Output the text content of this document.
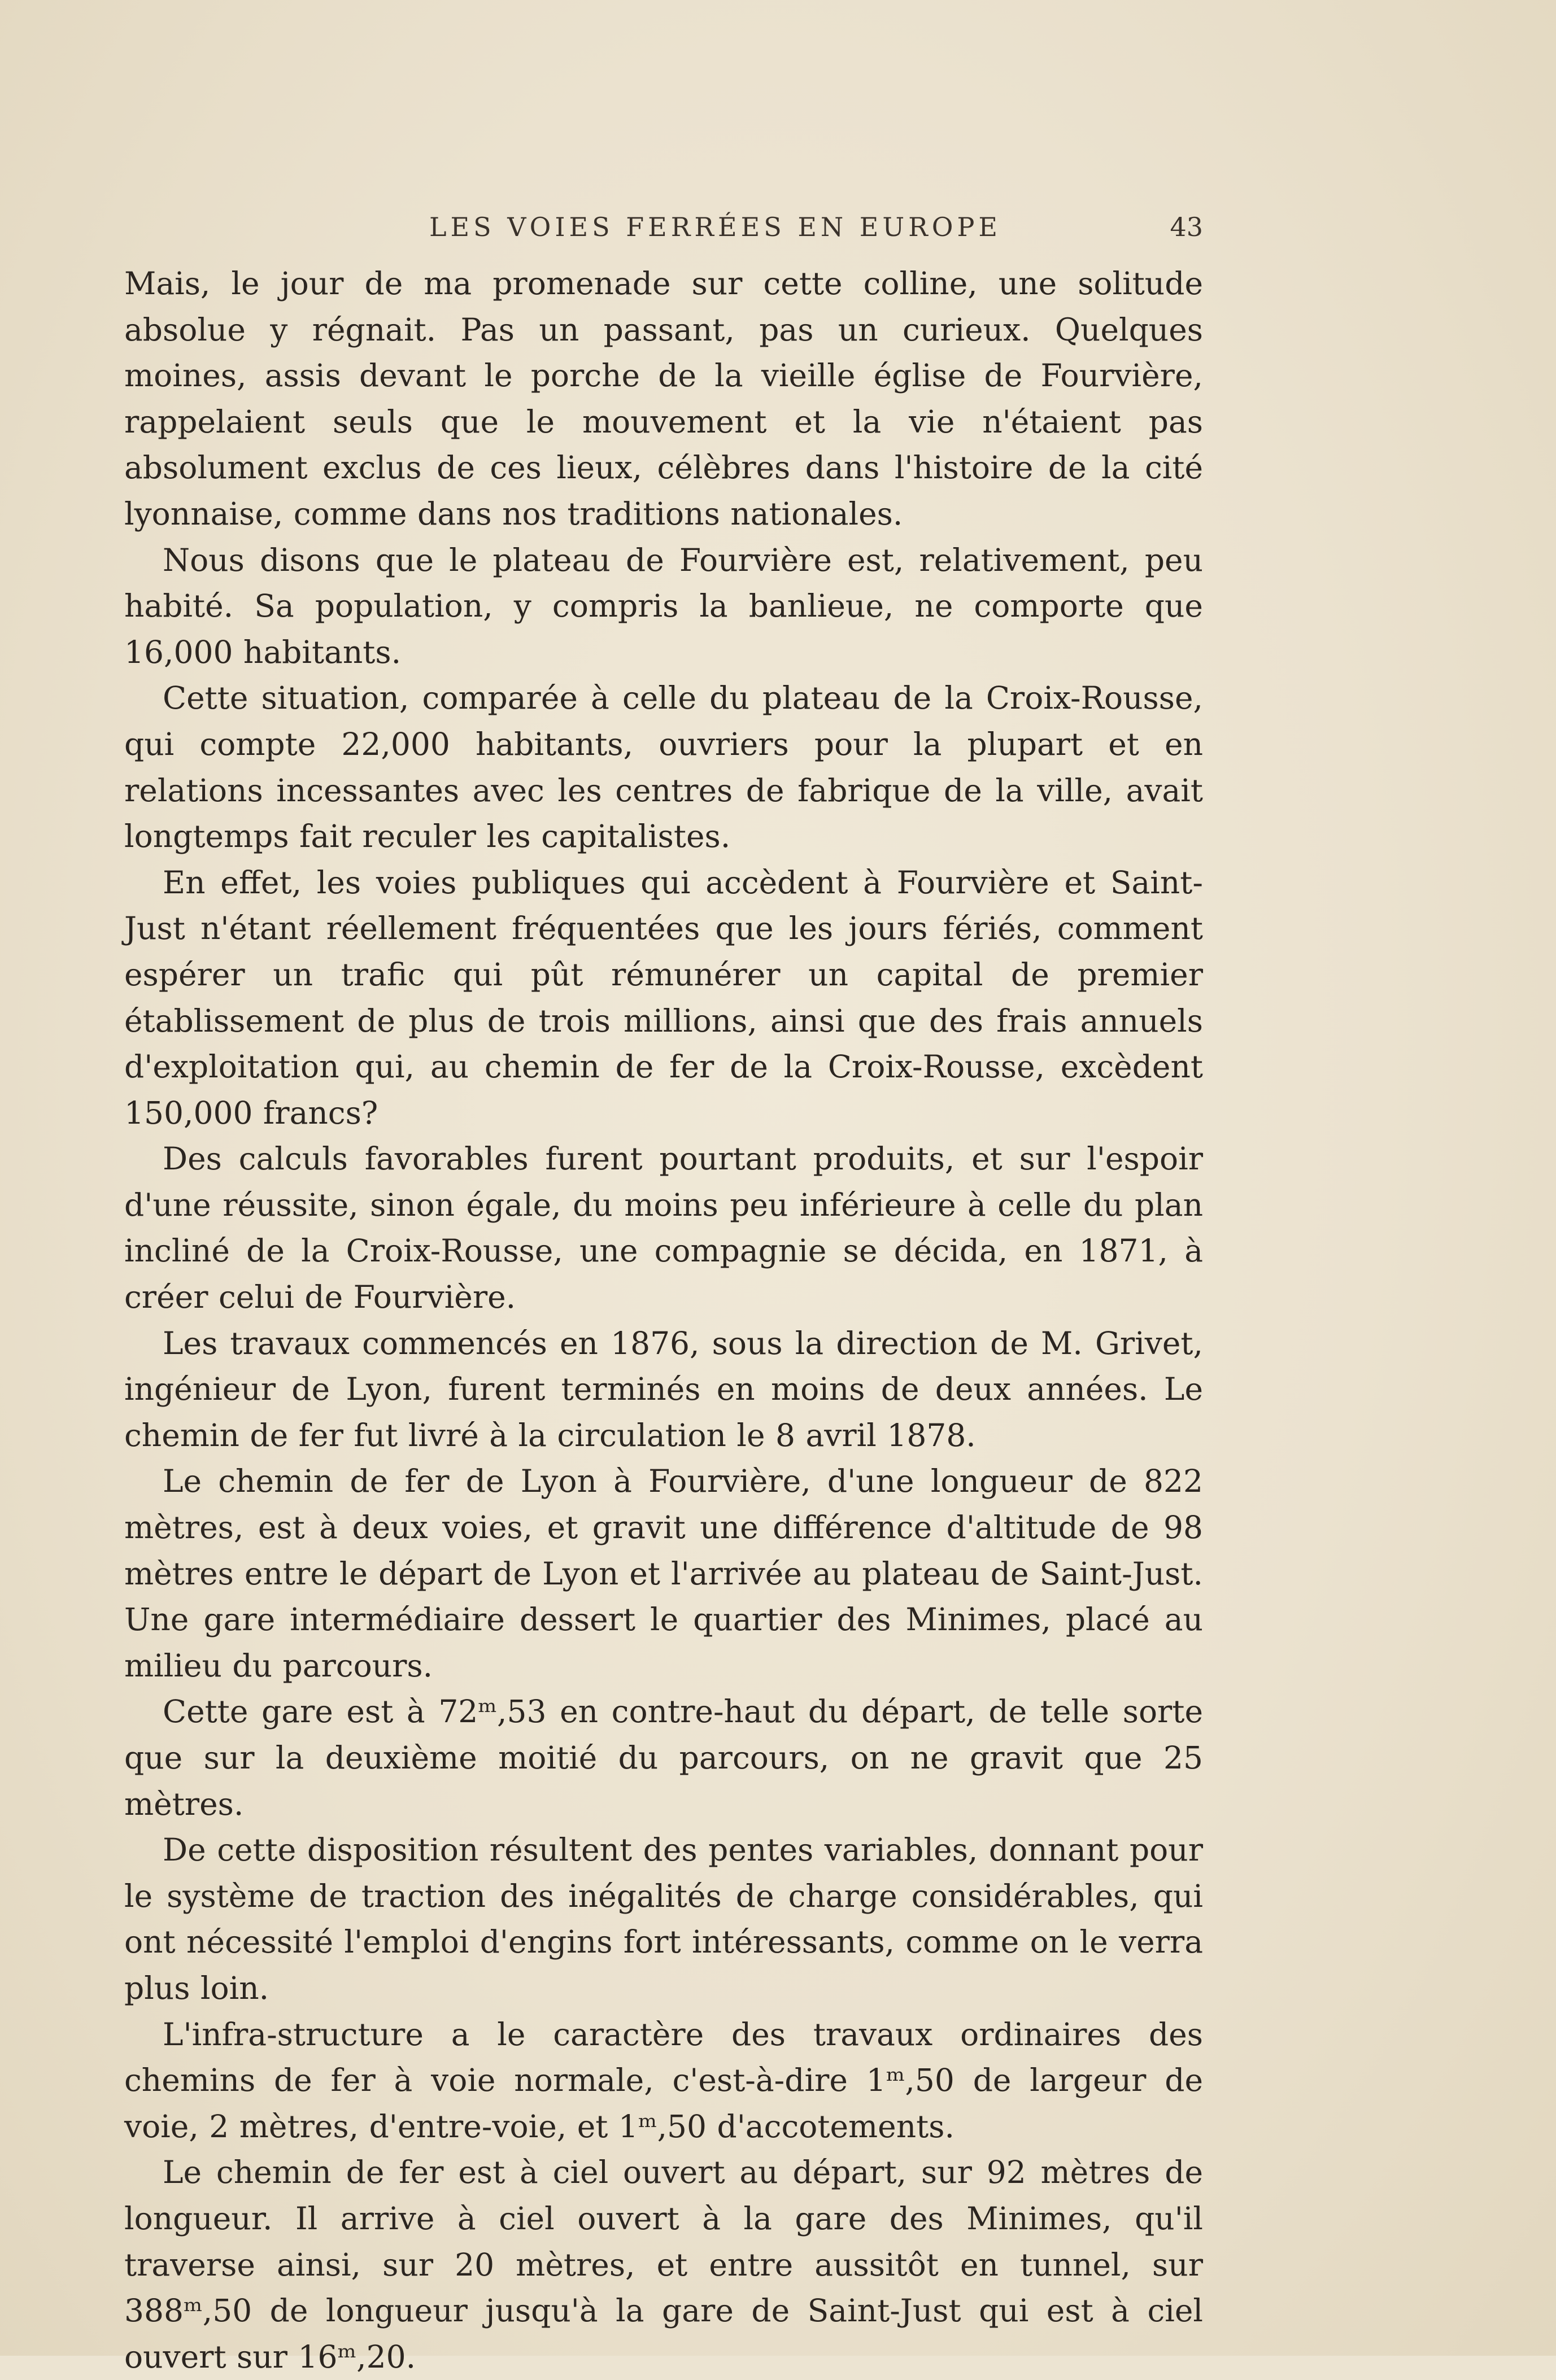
LES VOIES FERRÉES EN EUROPE	43

Mais, le jour de ma promenade sur cette colline, une solitude absolue y régnait. Pas un passant, pas un curieux. Quelques moines, assis devant le porche de la vieille église de Fourvière, rappelaient seuls que le mouvement et la vie n'étaient pas absolument exclus de ces lieux, célèbres dans l'histoire de la cité lyonnaise, comme dans nos traditions nationales.

Nous disons que le plateau de Fourvière est, relativement, peu habité. Sa population, y compris la banlieue, ne comporte que 16,000 habitants.

Cette situation, comparée à celle du plateau de la Croix-Rousse, qui compte 22,000 habitants, ouvriers pour la plupart et en relations incessantes avec les centres de fabrique de la ville, avait longtemps fait reculer les capitalistes.

En effet, les voies publiques qui accèdent à Fourvière et Saint-Just n'étant réellement fréquentées que les jours fériés, comment espérer un trafic qui pût rémunérer un capital de premier établissement de plus de trois millions, ainsi que des frais annuels d'exploitation qui, au chemin de fer de la Croix-Rousse, excèdent 150,000 francs?

Des calculs favorables furent pourtant produits, et sur l'espoir d'une réussite, sinon égale, du moins peu inférieure à celle du plan incliné de la Croix-Rousse, une compagnie se décida, en 1871, à créer celui de Fourvière.

Les travaux commencés en 1876, sous la direction de M. Grivet, ingénieur de Lyon, furent terminés en moins de deux années. Le chemin de fer fut livré à la circulation le 8 avril 1878.

Le chemin de fer de Lyon à Fourvière, d'une longueur de 822 mètres, est à deux voies, et gravit une différence d'altitude de 98 mètres entre le départ de Lyon et l'arrivée au plateau de Saint-Just. Une gare intermédiaire dessert le quartier des Minimes, placé au milieu du parcours.

Cette gare est à 72ᵐ,53 en contre-haut du départ, de telle sorte que sur la deuxième moitié du parcours, on ne gravit que 25 mètres.

De cette disposition résultent des pentes variables, donnant pour le système de traction des inégalités de charge considérables, qui ont nécessité l'emploi d'engins fort intéressants, comme on le verra plus loin.

L'infra-structure a le caractère des travaux ordinaires des chemins de fer à voie normale, c'est-à-dire 1ᵐ,50 de largeur de voie, 2 mètres, d'entre-voie, et 1ᵐ,50 d'accotements.

Le chemin de fer est à ciel ouvert au départ, sur 92 mètres de longueur. Il arrive à ciel ouvert à la gare des Minimes, qu'il traverse ainsi, sur 20 mètres, et entre aussitôt en tunnel, sur 388ᵐ,50 de longueur jusqu'à la gare de Saint-Just qui est à ciel ouvert sur 16ᵐ,20.
